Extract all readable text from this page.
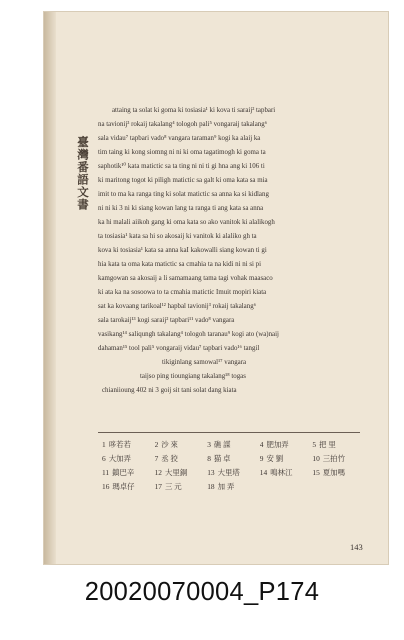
臺灣番語文書
attaing ta solat ki goma ki tosiasia¹ ki kova ti saraij² tapbari
na tavionij³ rokaij takalang⁴ tologoh pali⁵ vongaraij takalang⁶
sala vidau⁷ tapbari vado⁸ vangara taraman⁹ kogi ka alaij ka
tim taing ki kong siomng ni ni ki oma tagatimogh ki goma ta
saphotik¹⁰ kata matictic sa ta ting ni ni ti gi hna ang ki 106 ti
ki maritong togot ki piligh matictic sa galt ki oma kata sa mia
imit to ma ka ranga ting ki solat matictic sa anna ka si kidlang
ni ni ki 3 ni ki siang kowan lang ta ranga ti ang kata sa anna
ka hi malali aiikoh gang ki oma kata so ako vanitok ki alalikogh
ta tosiasia¹ kata sa hi so akosaij ki vanitok ki alaliko gh ta
kova ki tosiasia¹ kata sa anna kaI kakowalli siang kowan ti gi
hia kata ta oma kata matictic sa cmahia ta na kidi ni ni si pi
kamgowan sa akosaij a li samamaang tama tagi vohak maasaco
ki ata ka na sosoowa to ta cmahia matictic Imuit mopiri kiata
sat ka kovaang tarikoal¹² hapbal tavionij³ rokaij takalang⁶
sala tarokaij¹³ kogi saraij² tapbari¹¹ vado⁸ vangara
vasikang¹⁴ saliqungh takalang⁴ tologoh taranau⁹ kogi ato (wa)naij
dahaman¹⁵ tool pali⁵ vongaraij vidau⁷ tapbari vado¹⁶ tangil
tikiginlang samowal¹⁷ vangara
taijso ping tioungiang takalang¹⁸ togas
chianiioung 402 ni 3 goij sit tani solat dang kiata
1 哆若若	2 沙 來	3 礁 謀	4 肥加弄	5 把 里
6 大加弄	7 丞 狡	8 猫 卓	9 安 劉	10 三拍竹
11 鎮巴辛	12 大里銅	13 大里塔	14 鳴林江	15 夏加嗎
16 瑪卓仔	17 三 元	18 加 弄
143
20020070004_P174
